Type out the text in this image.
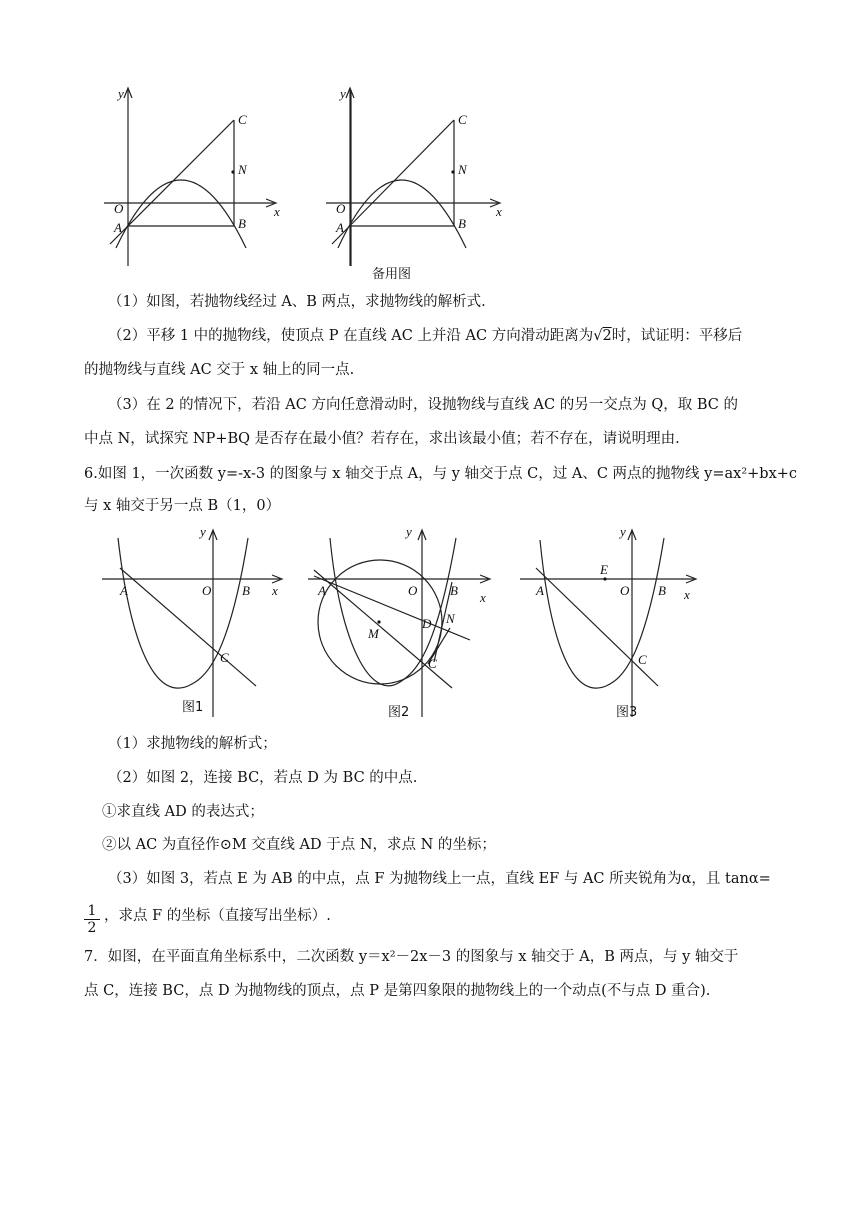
y
C
N
O	x
A	B
y
C
N
O	x
A	B
备用图
（1）如图，若抛物线经过 A、B 两点，求抛物线的解析式.
（2）平移 1 中的抛物线，使顶点 P 在直线 AC 上并沿 AC 方向滑动距离为√2时，试证明：平移后
的抛物线与直线 AC 交于 x 轴上的同一点.
（3）在 2 的情况下，若沿 AC 方向任意滑动时，设抛物线与直线 AC 的另一交点为 Q，取 BC 的
中点 N，试探究 NP+BQ 是否存在最小值？若存在，求出该最小值；若不存在，请说明理由.
6.如图 1，一次函数 y=-x-3 的图象与 x 轴交于点 A，与 y 轴交于点 C，过 A、C 两点的抛物线 y=ax²+bx+c
与 x 轴交于另一点 B（1，0）
y
A	O B x
C
图1
y
A	O	B x
N
D
M
C
图2
y
E
A	O B x
C
图3
（1）求抛物线的解析式；
（2）如图 2，连接 BC，若点 D 为 BC 的中点.
①求直线 AD 的表达式；
②以 AC 为直径作⊙M 交直线 AD 于点 N，求点 N 的坐标；
（3）如图 3，若点 E 为 AB 的中点，点 F 为抛物线上一点，直线 EF 与 AC 所夹锐角为α，且 tanα=
$\frac{1}{2}$ ，求点 F 的坐标（直接写出坐标）.
7．如图，在平面直角坐标系中，二次函数 y＝x²－2x－3 的图象与 x 轴交于 A，B 两点，与 y 轴交于
点 C，连接 BC，点 D 为抛物线的顶点，点 P 是第四象限的抛物线上的一个动点(不与点 D 重合).
